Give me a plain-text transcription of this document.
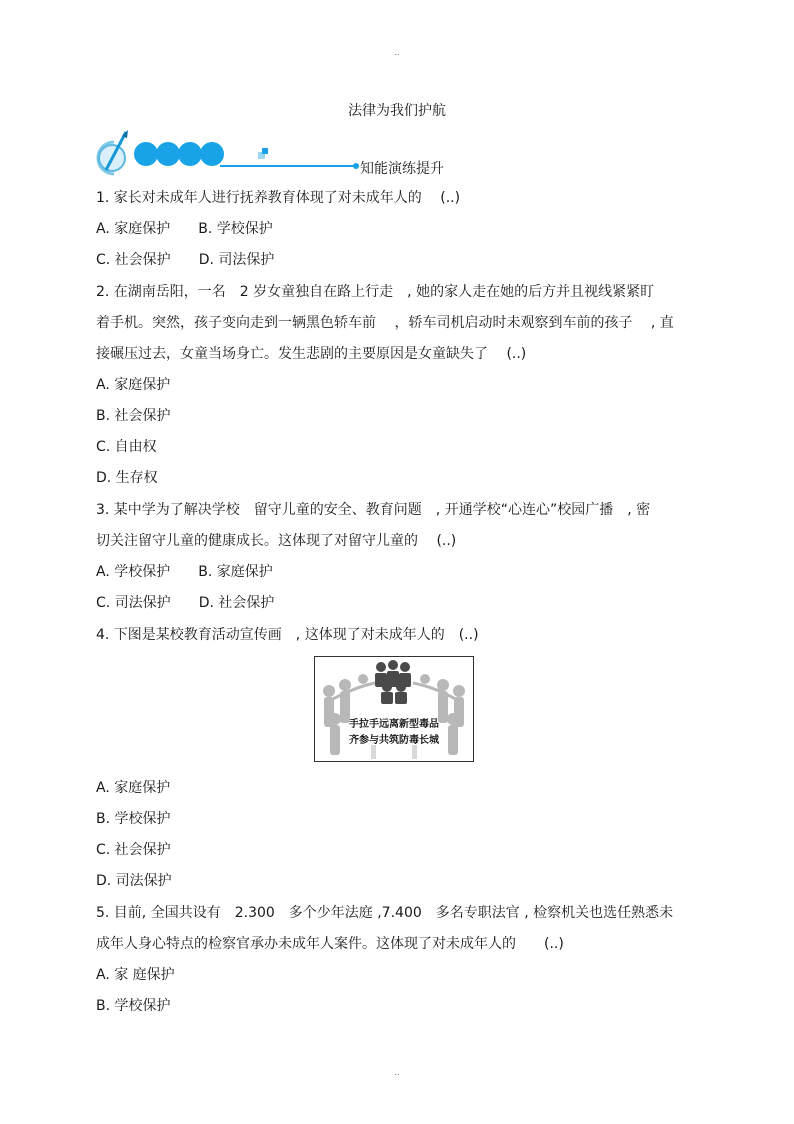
..
法律为我们护航
知能演练提升
1. 家长对未成年人进行抚养教育体现了对未成年人的　 (..)
A. 家庭保护 B. 学校保护
C. 社会保护 D. 司法保护
2. 在湖南岳阳，一名　2 岁女童独自在路上行走　, 她的家人走在她的后方并且视线紧紧盯
着手机。突然，孩子变向走到一辆黑色轿车前　 ，轿车司机启动时未观察到车前的孩子　 , 直
接碾压过去，女童当场身亡。发生悲剧的主要原因是女童缺失了　 (..)
A. 家庭保护
B. 社会保护
C. 自由权
D. 生存权
3. 某中学为了解决学校　留守儿童的安全、教育问题　, 开通学校“心连心”校园广播　, 密
切关注留守儿童的健康成长。这体现了对留守儿童的　 (..)
A. 学校保护 B. 家庭保护
C. 司法保护 D. 社会保护
4. 下图是某校教育活动宣传画　, 这体现了对未成年人的　(..)
手拉手远离新型毒品
齐参与共筑防毒长城
A. 家庭保护
B. 学校保护
C. 社会保护
D. 司法保护
5. 目前, 全国共设有　2.300　多个少年法庭 ,7.400　多名专职法官 , 检察机关也选任熟悉未
成年人身心特点的检察官承办未成年人案件。这体现了对未成年人的　　(..)
A. 家 庭保护
B. 学校保护
..
